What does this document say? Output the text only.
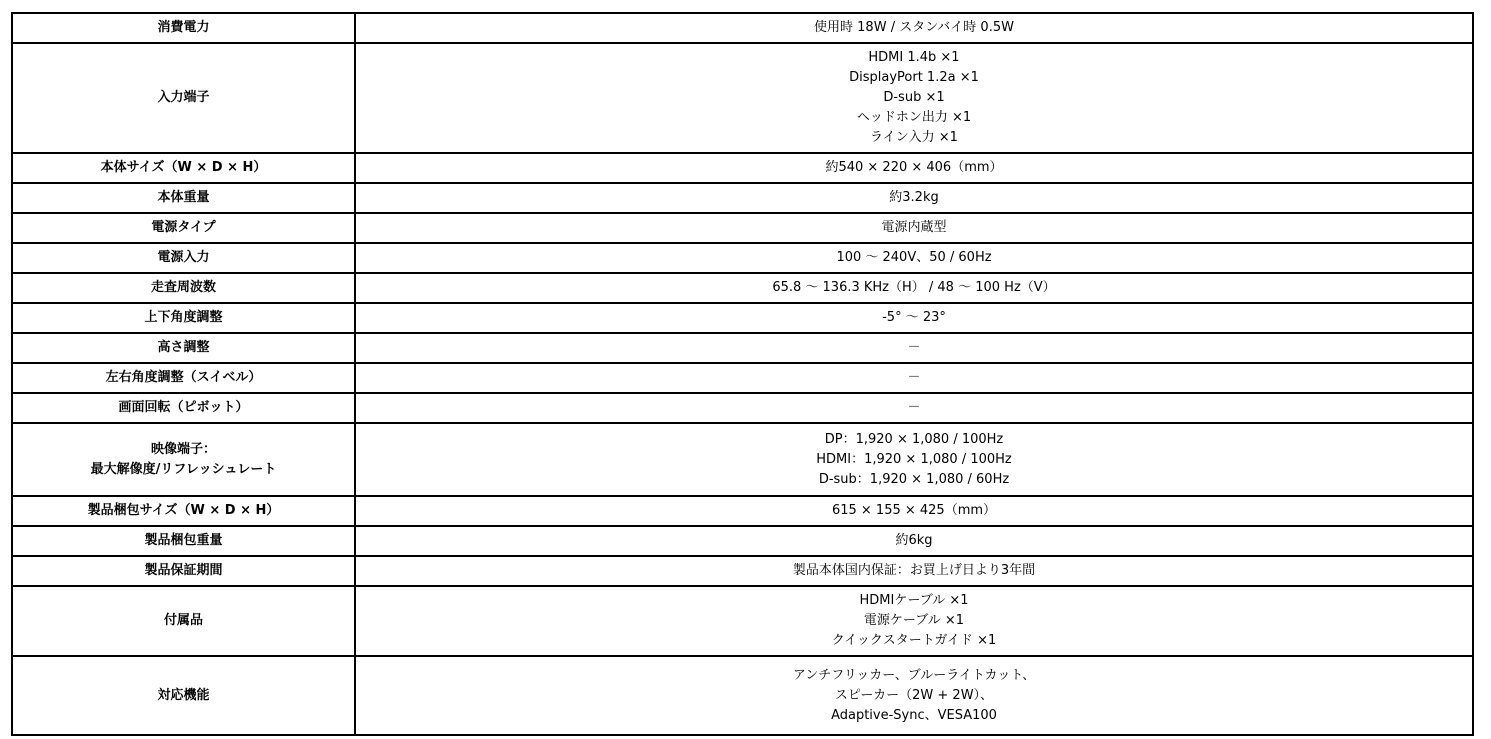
消費電力	使用時 18W / スタンバイ時 0.5W

入力端子	HDMI 1.4b ×1
DisplayPort 1.2a ×1
D-sub ×1
ヘッドホン出力 ×1
ライン入力 ×1

本体サイズ（W × D × H）	約540 × 220 × 406（mm）

本体重量	約3.2kg

電源タイプ	電源内蔵型

電源入力	100 ～ 240V、50 / 60Hz

走査周波数	65.8 ～ 136.3 KHz（H） / 48 ～ 100 Hz（V）

上下角度調整	-5° ～ 23°

高さ調整	－

左右角度調整（スイベル）	－

画面回転（ピボット）	－

映像端子：
最大解像度/リフレッシュレート	DP：1,920 × 1,080 / 100Hz
HDMI：1,920 × 1,080 / 100Hz
D-sub：1,920 × 1,080 / 60Hz

製品梱包サイズ（W × D × H）	615 × 155 × 425（mm）

製品梱包重量	約6kg

製品保証期間	製品本体国内保証：お買上げ日より3年間

付属品	HDMIケーブル ×1
電源ケーブル ×1
クイックスタートガイド ×1

対応機能	アンチフリッカー、ブルーライトカット、
スピーカー（2W + 2W）、
Adaptive-Sync、VESA100
